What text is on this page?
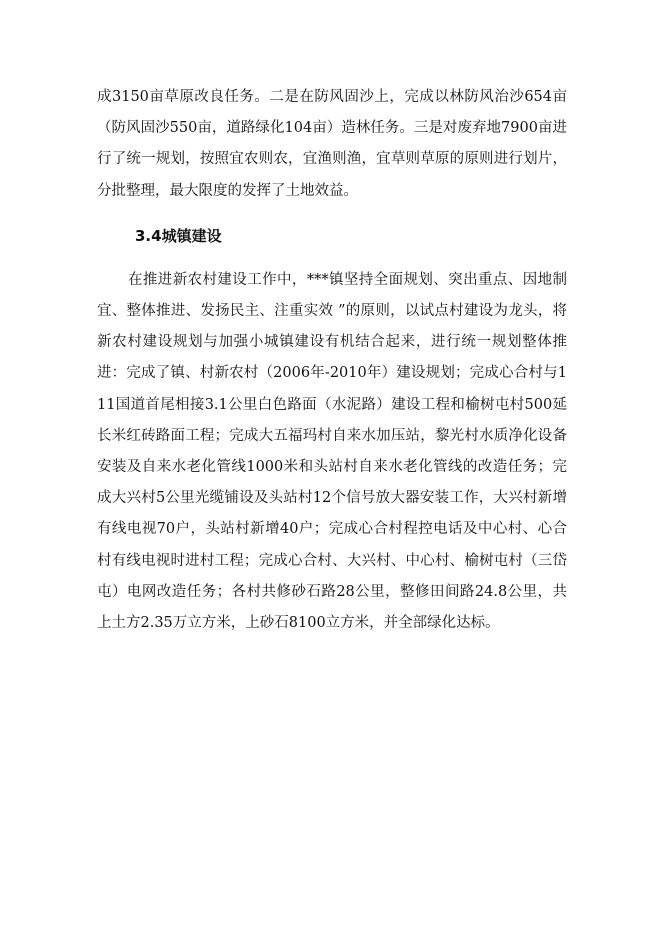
成3150亩草原改良任务。二是在防风固沙上，完成以林防风治沙654亩（防风固沙550亩，道路绿化104亩）造林任务。三是对废弃地7900亩进行了统一规划，按照宜农则农，宜渔则渔，宜草则草原的原则进行划片，分批整理，最大限度的发挥了土地效益。

3.4城镇建设

在推进新农村建设工作中，***镇坚持全面规划、突出重点、因地制宜、整体推进、发扬民主、注重实效 ”的原则，以试点村建设为龙头，将新农村建设规划与加强小城镇建设有机结合起来，进行统一规划整体推进：完成了镇、村新农村（2006年-2010年）建设规划；完成心合村与111国道首尾相接3.1公里白色路面（水泥路）建设工程和榆树屯村500延长米红砖路面工程；完成大五福玛村自来水加压站，黎光村水质净化设备安装及自来水老化管线1000米和头站村自来水老化管线的改造任务；完成大兴村5公里光缆铺设及头站村12个信号放大器安装工作，大兴村新增有线电视70户，头站村新增40户；完成心合村程控电话及中心村、心合村有线电视时进村工程；完成心合村、大兴村、中心村、榆树屯村（三岱屯）电网改造任务；各村共修砂石路28公里，整修田间路24.8公里，共上土方2.35万立方米，上砂石8100立方米，并全部绿化达标。
